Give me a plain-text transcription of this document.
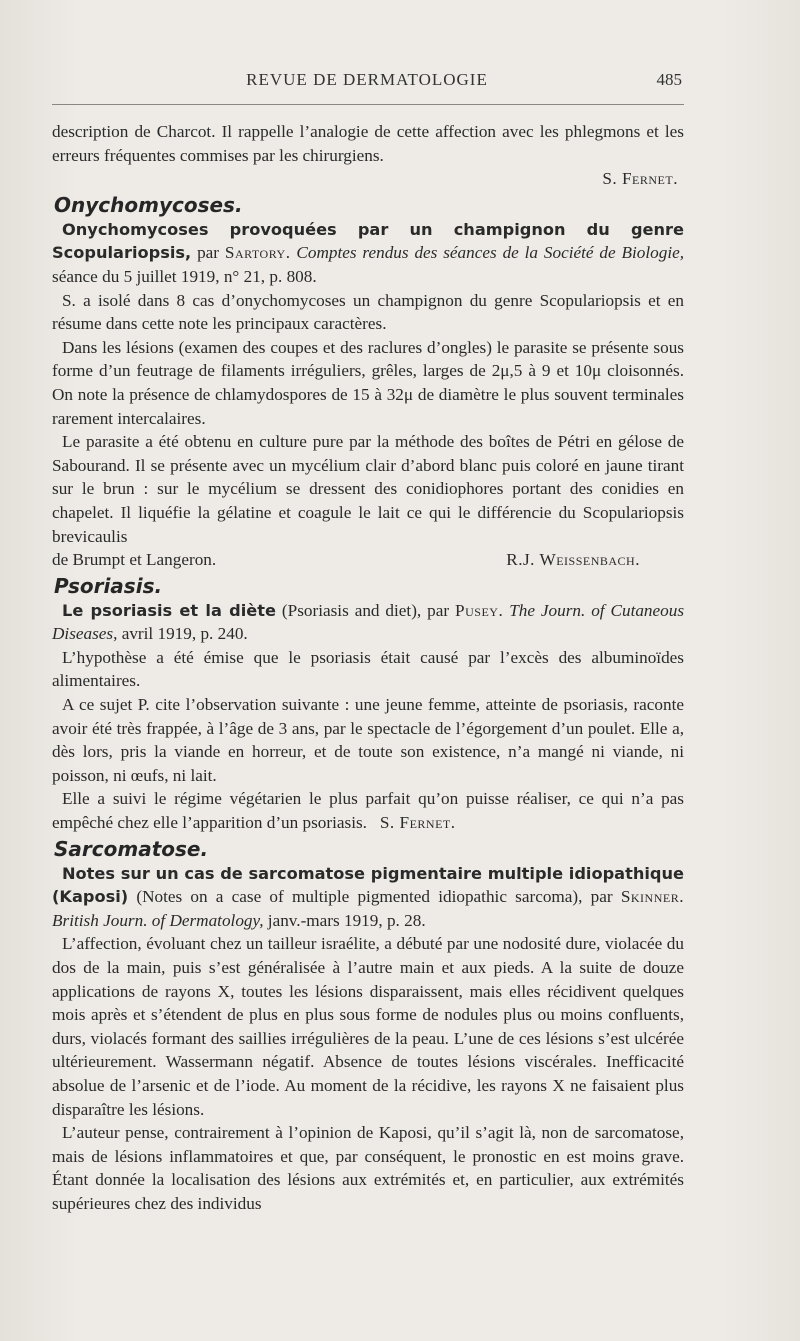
REVUE DE DERMATOLOGIE	485

description de Charcot. Il rappelle l’analogie de cette affection avec les phlegmons et les erreurs fréquentes commises par les chirurgiens.

S. Fernet.

Onychomycoses.

Onychomycoses provoquées par un champignon du genre Scopulariopsis, par Sartory. Comptes rendus des séances de la Société de Biologie, séance du 5 juillet 1919, n° 21, p. 808.

S. a isolé dans 8 cas d’onychomycoses un champignon du genre Scopulariopsis et en résume dans cette note les principaux caractères.

Dans les lésions (examen des coupes et des raclures d’ongles) le parasite se présente sous forme d’un feutrage de filaments irréguliers, grêles, larges de 2μ,5 à 9 et 10μ cloisonnés. On note la présence de chlamydospores de 15 à 32μ de diamètre le plus souvent terminales rarement intercalaires.

Le parasite a été obtenu en culture pure par la méthode des boîtes de Pétri en gélose de Sabourand. Il se présente avec un mycélium clair d’abord blanc puis coloré en jaune tirant sur le brun : sur le mycélium se dressent des conidiophores portant des conidies en chapelet. Il liquéfie la gélatine et coagule le lait ce qui le différencie du Scopulariopsis brevicaulis

de Brumpt et Langeron.	R.J. Weissenbach.
Psoriasis.

Le psoriasis et la diète (Psoriasis and diet), par Pusey. The Journ. of Cutaneous Diseases, avril 1919, p. 240.

L’hypothèse a été émise que le psoriasis était causé par l’excès des albuminoïdes alimentaires.

A ce sujet P. cite l’observation suivante : une jeune femme, atteinte de psoriasis, raconte avoir été très frappée, à l’âge de 3 ans, par le spectacle de l’égorgement d’un poulet. Elle a, dès lors, pris la viande en horreur, et de toute son existence, n’a mangé ni viande, ni poisson, ni œufs, ni lait.

Elle a suivi le régime végétarien le plus parfait qu’on puisse réaliser, ce qui n’a pas empêché chez elle l’apparition d’un psoriasis. S. Fernet.

Sarcomatose.

Notes sur un cas de sarcomatose pigmentaire multiple idiopathique (Kaposi) (Notes on a case of multiple pigmented idiopathic sarcoma), par Skinner. British Journ. of Dermatology, janv.-mars 1919, p. 28.

L’affection, évoluant chez un tailleur israélite, a débuté par une nodosité dure, violacée du dos de la main, puis s’est généralisée à l’autre main et aux pieds. A la suite de douze applications de rayons X, toutes les lésions disparaissent, mais elles récidivent quelques mois après et s’étendent de plus en plus sous forme de nodules plus ou moins confluents, durs, violacés formant des saillies irrégulières de la peau. L’une de ces lésions s’est ulcérée ultérieurement. Wassermann négatif. Absence de toutes lésions viscérales. Inefficacité absolue de l’arsenic et de l’iode. Au moment de la récidive, les rayons X ne faisaient plus disparaître les lésions.

L’auteur pense, contrairement à l’opinion de Kaposi, qu’il s’agit là, non de sarcomatose, mais de lésions inflammatoires et que, par conséquent, le pronostic en est moins grave. Étant donnée la localisation des lésions aux extrémités et, en particulier, aux extrémités supérieures chez des individus
